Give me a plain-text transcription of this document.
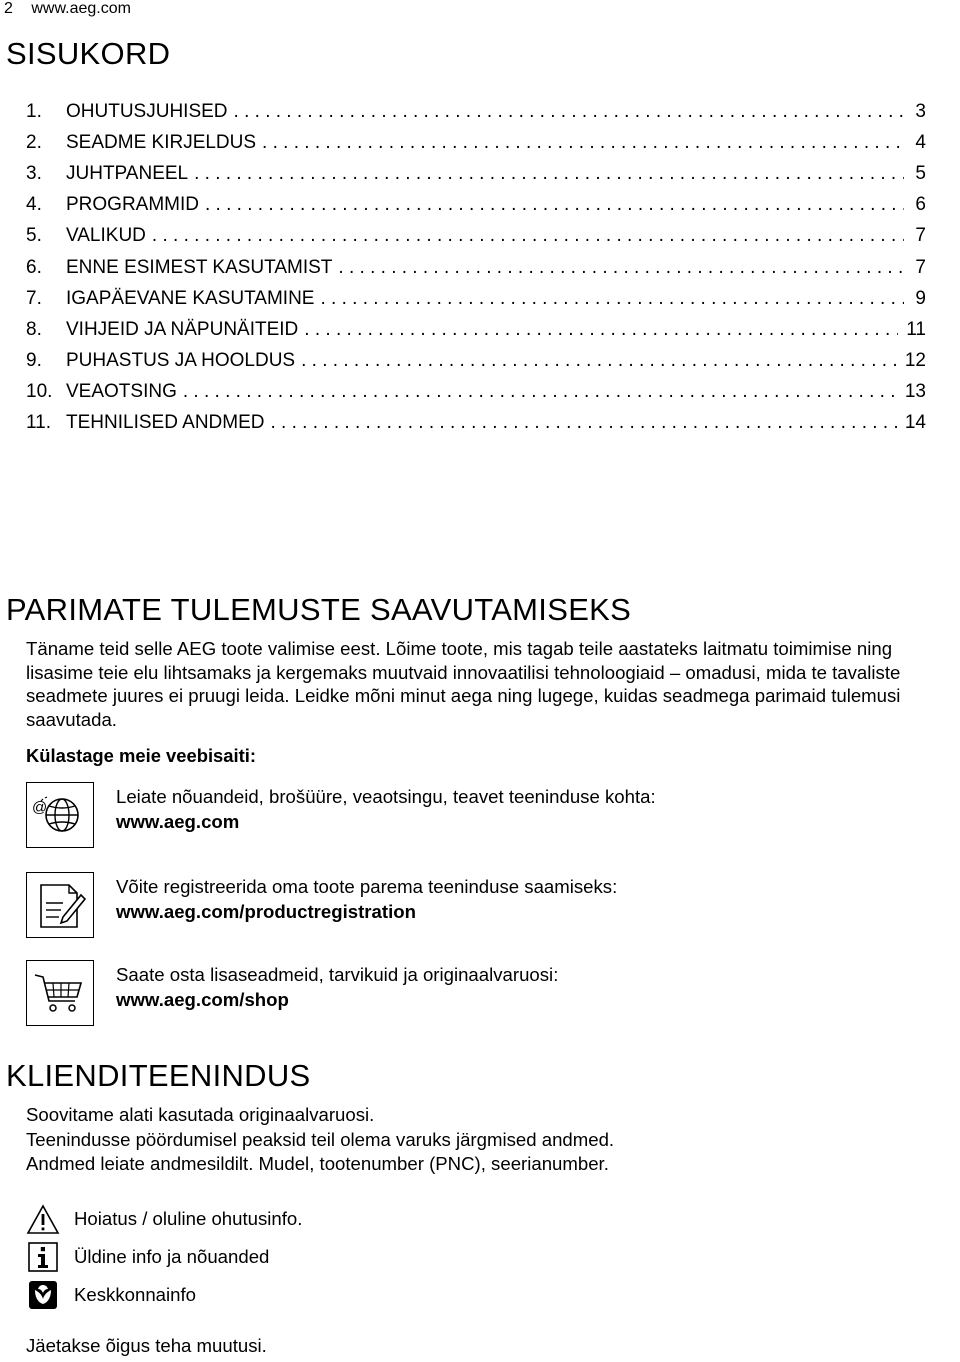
2 www.aeg.com
SISUKORD
1.	OHUTUSJUHISED . . .	3
2.	SEADME KIRJELDUS . . .	4
3.	JUHTPANEEL . . .	5
4.	PROGRAMMID . . .	6
5.	VALIKUD . . .	7
6.	ENNE ESIMEST KASUTAMIST . . .	7
7.	IGAPÄEVANE KASUTAMINE . . .	9
8.	VIHJEID JA NÄPUNÄITEID . . .	11
9.	PUHASTUS JA HOOLDUS . . .	12
10. VEAOTSING . . .	13
11. TEHNILISED ANDMED . . .	14
PARIMATE TULEMUSTE SAAVUTAMISEKS
Täname teid selle AEG toote valimise eest. Lõime toote, mis tagab teile aastateks laitmatu toimimise ning lisasime teie elu lihtsamaks ja kergemaks muutvaid innovaatilisi tehnoloogiaid – omadusi, mida te tavaliste seadmete juures ei pruugi leida. Leidke mõni minut aega ning lugege, kuidas seadmega parimaid tulemusi saavutada.
Külastage meie veebisaiti:
@
Leiate nõuandeid, brošüüre, veaotsingu, teavet teeninduse kohta:
www.aeg.com
Võite registreerida oma toote parema teeninduse saamiseks:
www.aeg.com/productregistration
Saate osta lisaseadmeid, tarvikuid ja originaalvaruosi:
www.aeg.com/shop
KLIENDITEENINDUS
Soovitame alati kasutada originaalvaruosi.
Teenindusse pöördumisel peaksid teil olema varuks järgmised andmed.
Andmed leiate andmesildilt. Mudel, tootenumber (PNC), seerianumber.
Hoiatus / oluline ohutusinfo.
Üldine info ja nõuanded
Keskkonnainfo
Jäetakse õigus teha muutusi.
